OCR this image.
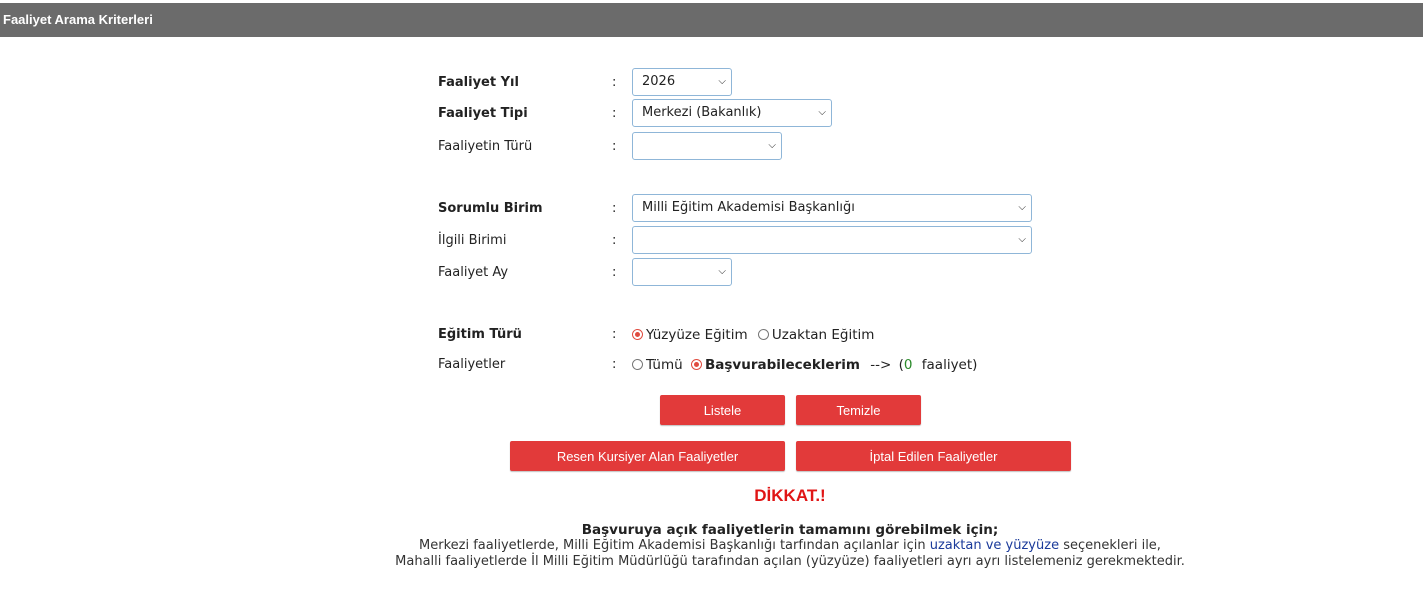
Faaliyet Arama Kriterleri
Faaliyet Yıl	:	2026	⌵
Faaliyet Tipi	:	Merkezi (Bakanlık)	⌵
Faaliyetin Türü	:	⌵
Sorumlu Birim	:	Milli Eğitim Akademisi Başkanlığı	⌵
İlgili Birimi	:	⌵
Faaliyet Ay	:	⌵
Eğitim Türü	:	Yüzyüze Eğitim Uzaktan Eğitim
Faaliyetler	:	Tümü Başvurabileceklerim --> (0 faaliyet)
Listele	Temizle
Resen Kursiyer Alan Faaliyetler	İptal Edilen Faaliyetler
DİKKAT.!
Başvuruya açık faaliyetlerin tamamını görebilmek için;
Merkezi faaliyetlerde, Milli Eğitim Akademisi Başkanlığı tarfından açılanlar için uzaktan ve yüzyüze seçenekleri ile,
Mahalli faaliyetlerde İl Milli Eğitim Müdürlüğü tarafından açılan (yüzyüze) faaliyetleri ayrı ayrı listelemeniz gerekmektedir.
